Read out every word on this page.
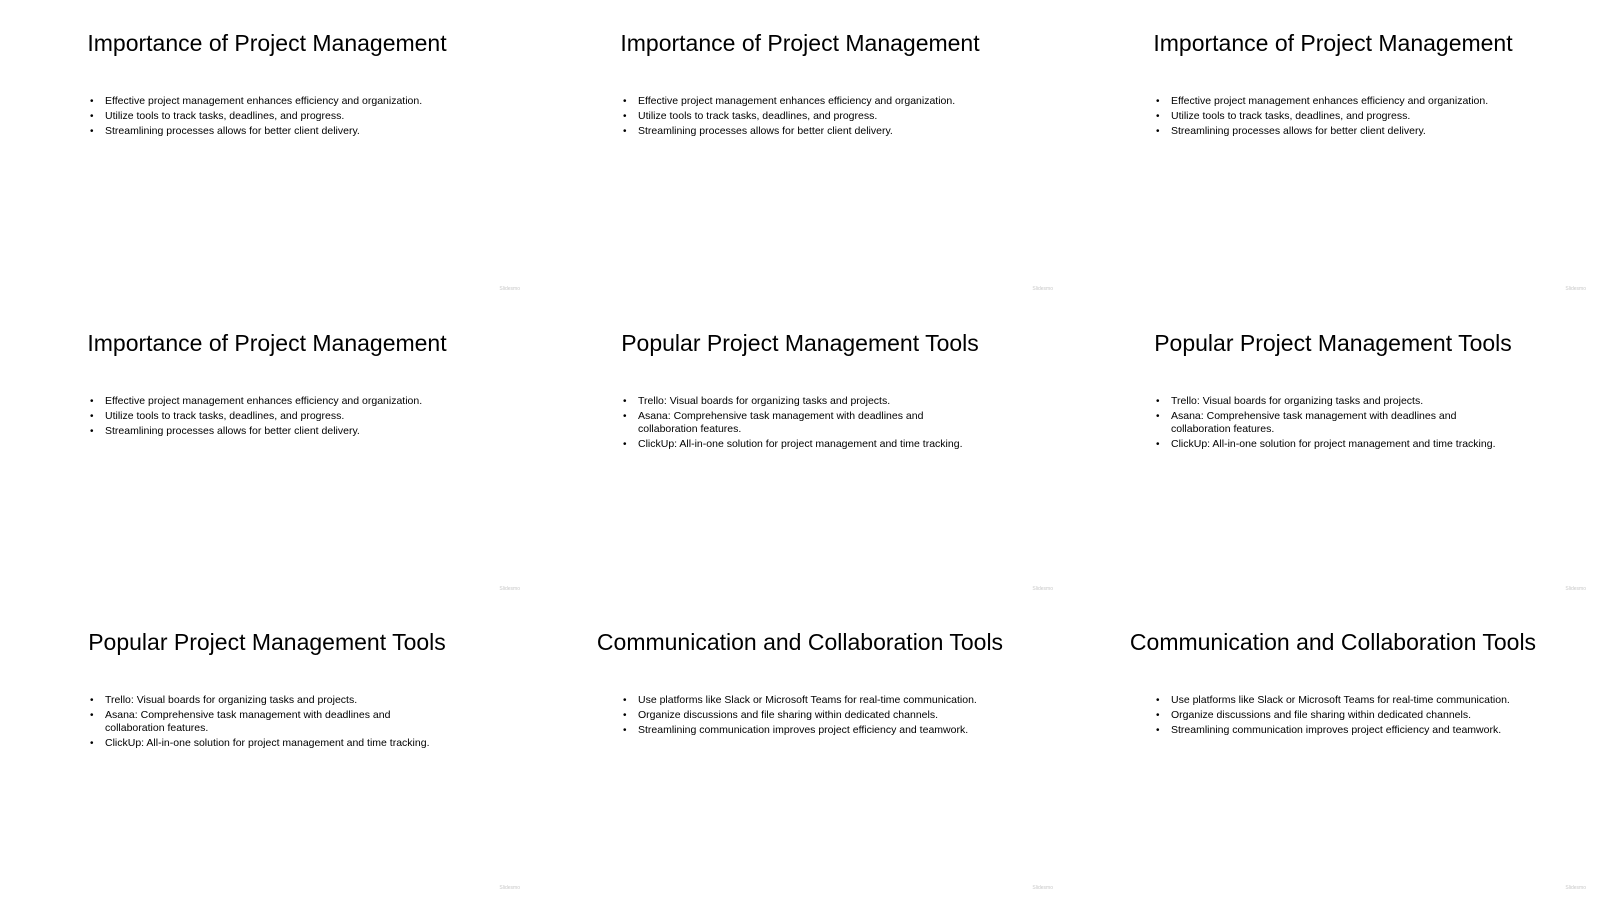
Importance of Project Management
• Effective project management enhances efficiency and organization.
• Utilize tools to track tasks, deadlines, and progress.
• Streamlining processes allows for better client delivery.
Slidesmo
Importance of Project Management
• Effective project management enhances efficiency and organization.
• Utilize tools to track tasks, deadlines, and progress.
• Streamlining processes allows for better client delivery.
Slidesmo
Importance of Project Management
• Effective project management enhances efficiency and organization.
• Utilize tools to track tasks, deadlines, and progress.
• Streamlining processes allows for better client delivery.
Slidesmo
Importance of Project Management
• Effective project management enhances efficiency and organization.
• Utilize tools to track tasks, deadlines, and progress.
• Streamlining processes allows for better client delivery.
Slidesmo
Popular Project Management Tools
• Trello: Visual boards for organizing tasks and projects.
• Asana: Comprehensive task management with deadlines and collaboration features.
• ClickUp: All-in-one solution for project management and time tracking.
Slidesmo
Popular Project Management Tools
• Trello: Visual boards for organizing tasks and projects.
• Asana: Comprehensive task management with deadlines and collaboration features.
• ClickUp: All-in-one solution for project management and time tracking.
Slidesmo
Popular Project Management Tools
• Trello: Visual boards for organizing tasks and projects.
• Asana: Comprehensive task management with deadlines and collaboration features.
• ClickUp: All-in-one solution for project management and time tracking.
Slidesmo
Communication and Collaboration Tools
• Use platforms like Slack or Microsoft Teams for real-time communication.
• Organize discussions and file sharing within dedicated channels.
• Streamlining communication improves project efficiency and teamwork.
Slidesmo
Communication and Collaboration Tools
• Use platforms like Slack or Microsoft Teams for real-time communication.
• Organize discussions and file sharing within dedicated channels.
• Streamlining communication improves project efficiency and teamwork.
Slidesmo
